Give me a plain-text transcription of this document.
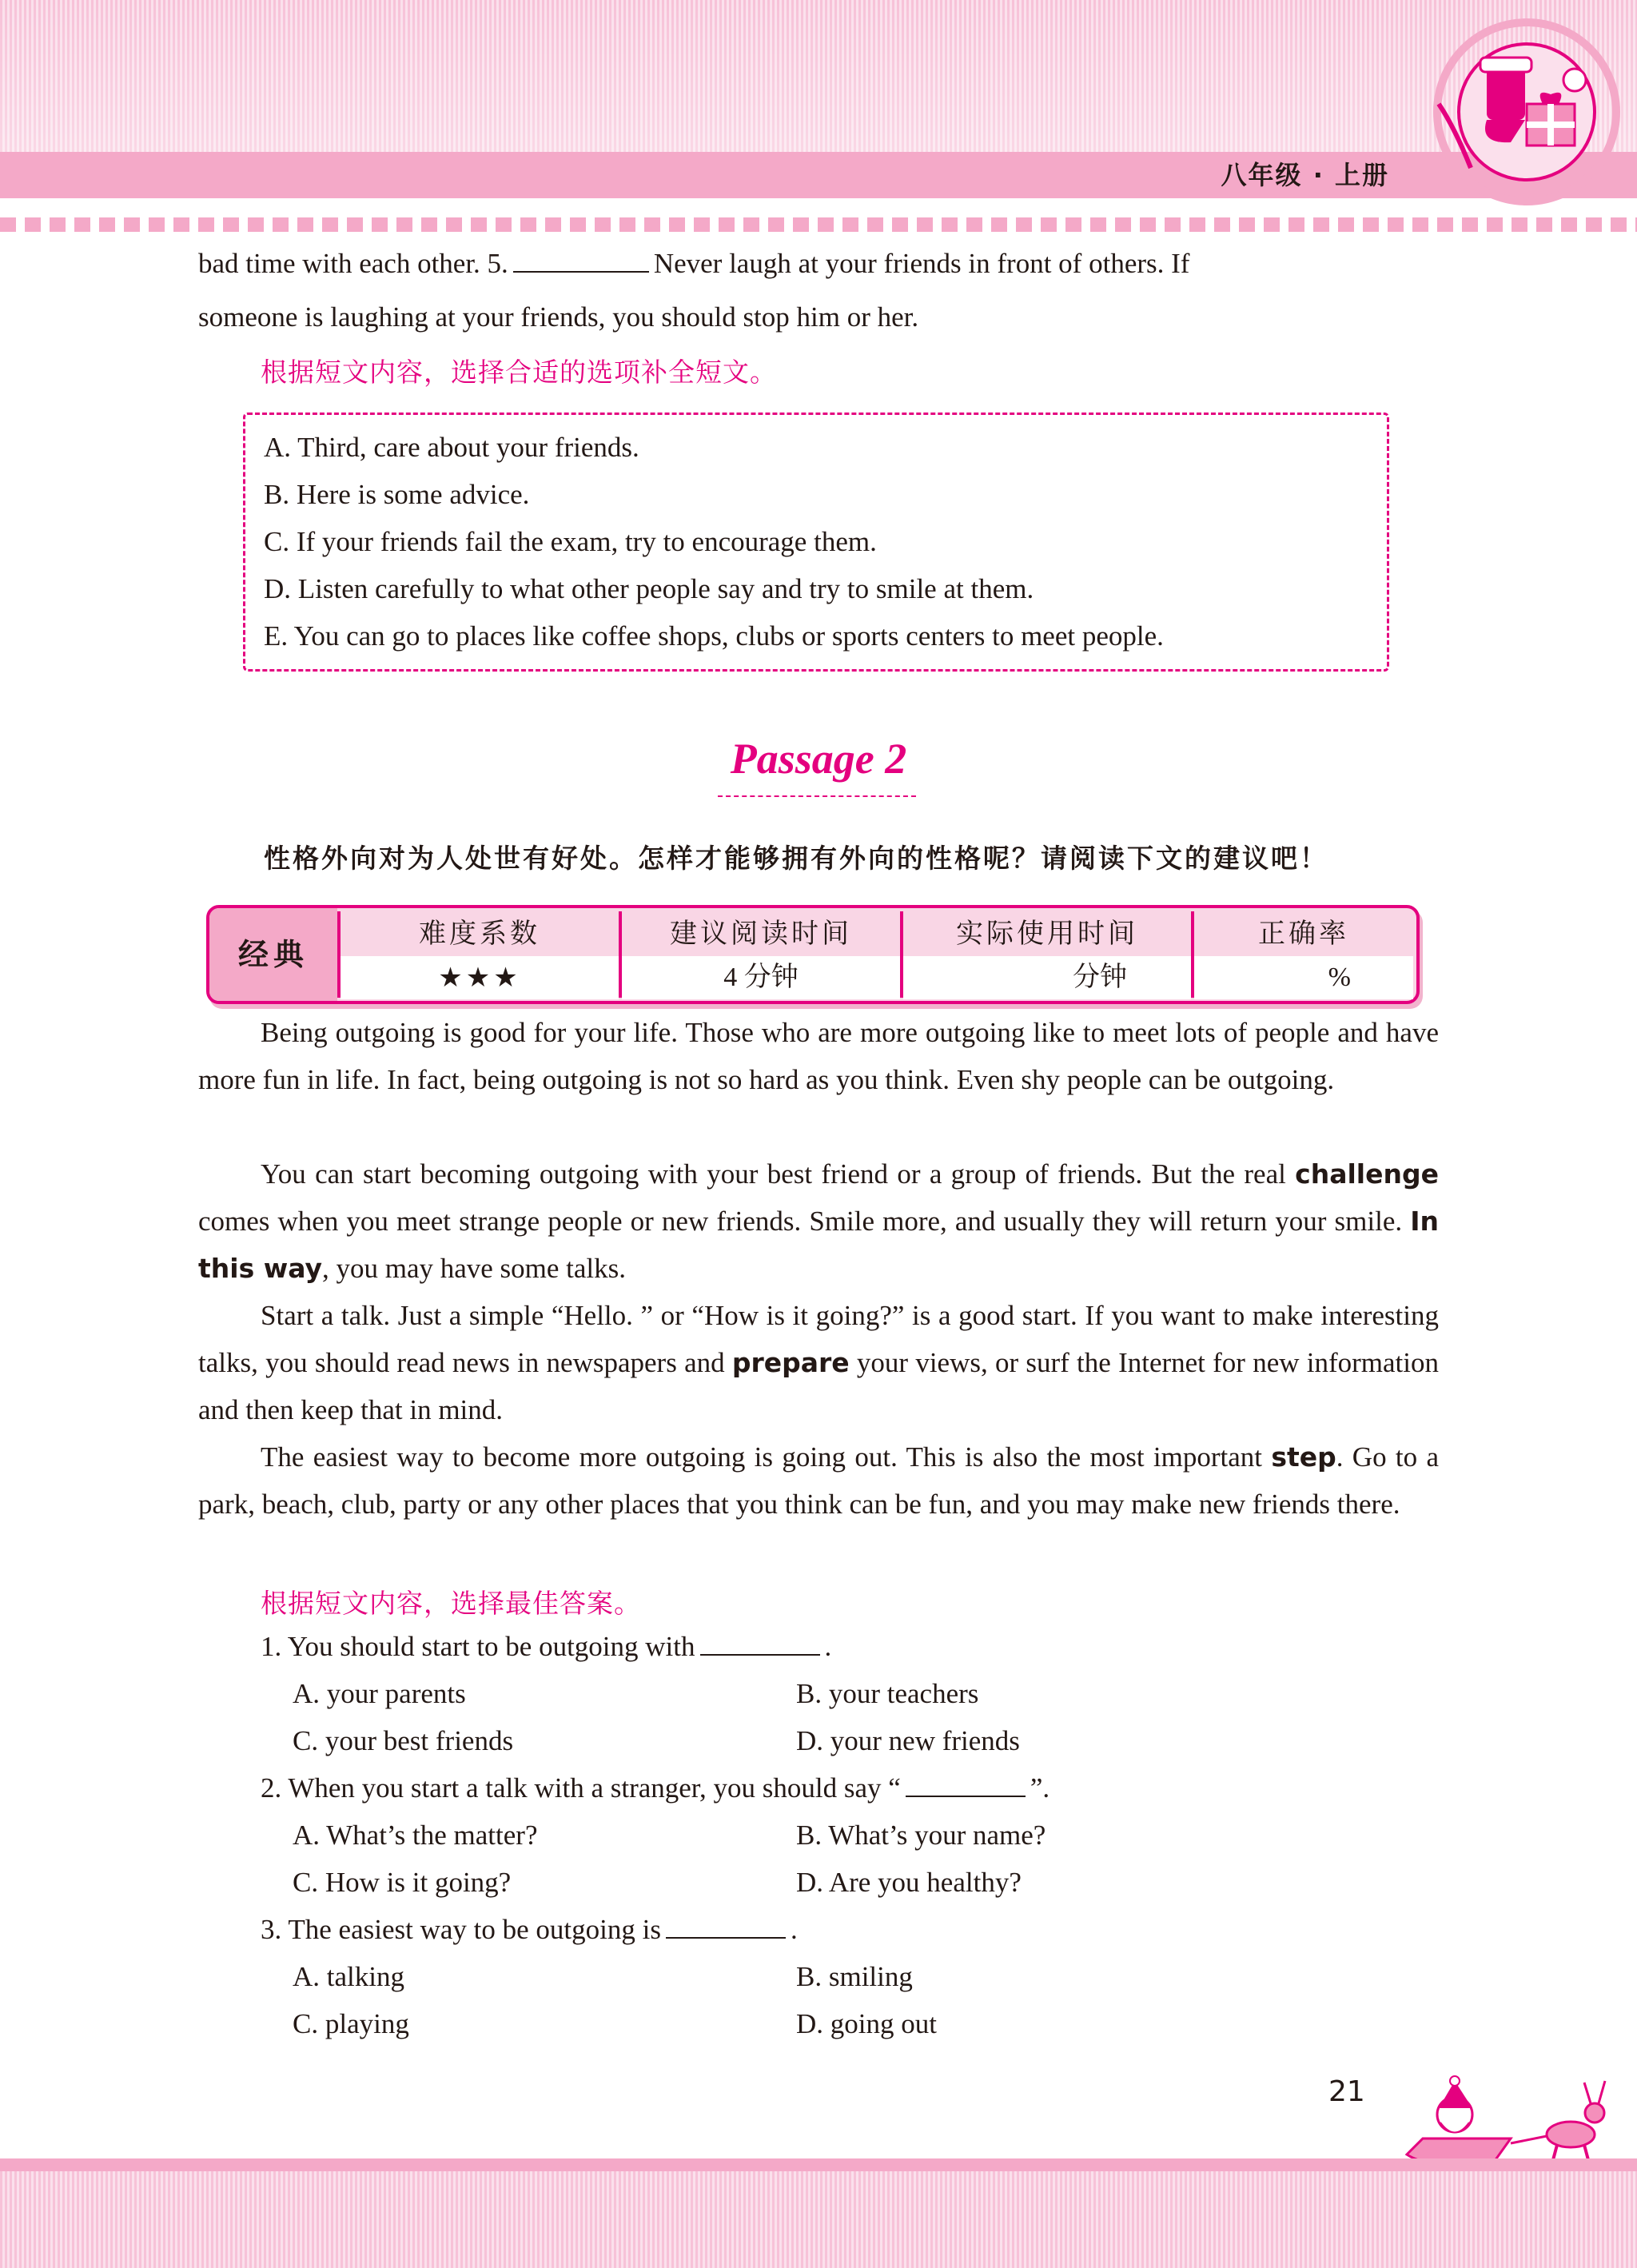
八年级 · 上册

bad time with each other. 5.	Never laugh at your friends in front of others. If

someone is laughing at your friends, you should stop him or her.

根据短文内容，选择合适的选项补全短文。

A. Third, care about your friends.

B. Here is some advice.

C. If your friends fail the exam, try to encourage them.

D. Listen carefully to what other people say and try to smile at them.

E. You can go to places like coffee shops, clubs or sports centers to meet people.

Passage 2
性格外向对为人处世有好处。怎样才能够拥有外向的性格呢？请阅读下文的建议吧！
经典
难度系数	建议阅读时间	实际使用时间	正确率
★★★	4 分钟	分钟	%

Being outgoing is good for your life. Those who are more outgoing like to meet lots of people and have more fun in life. In fact, being outgoing is not so hard as you think. Even shy people can be outgoing.

You can start becoming outgoing with your best friend or a group of friends. But the real challenge comes when you meet strange people or new friends. Smile more, and usually they will return your smile. In this way, you may have some talks.

Start a talk. Just a simple “Hello. ” or “How is it going?” is a good start. If you want to make interesting talks, you should read news in newspapers and prepare your views, or surf the Internet for new information and then keep that in mind.

The easiest way to become more outgoing is going out. This is also the most important step. Go to a park, beach, club, party or any other places that you think can be fun, and you may make new friends there.

根据短文内容，选择最佳答案。

1. You should start to be outgoing with	.

A. your parents	B. your teachers

C. your best friends	D. your new friends

2. When you start a talk with a stranger, you should say “	”.

A. What’s the matter?	B. What’s your name?

C. How is it going?	D. Are you healthy?

3. The easiest way to be outgoing is	.

A. talking	B. smiling

C. playing	D. going out

21
